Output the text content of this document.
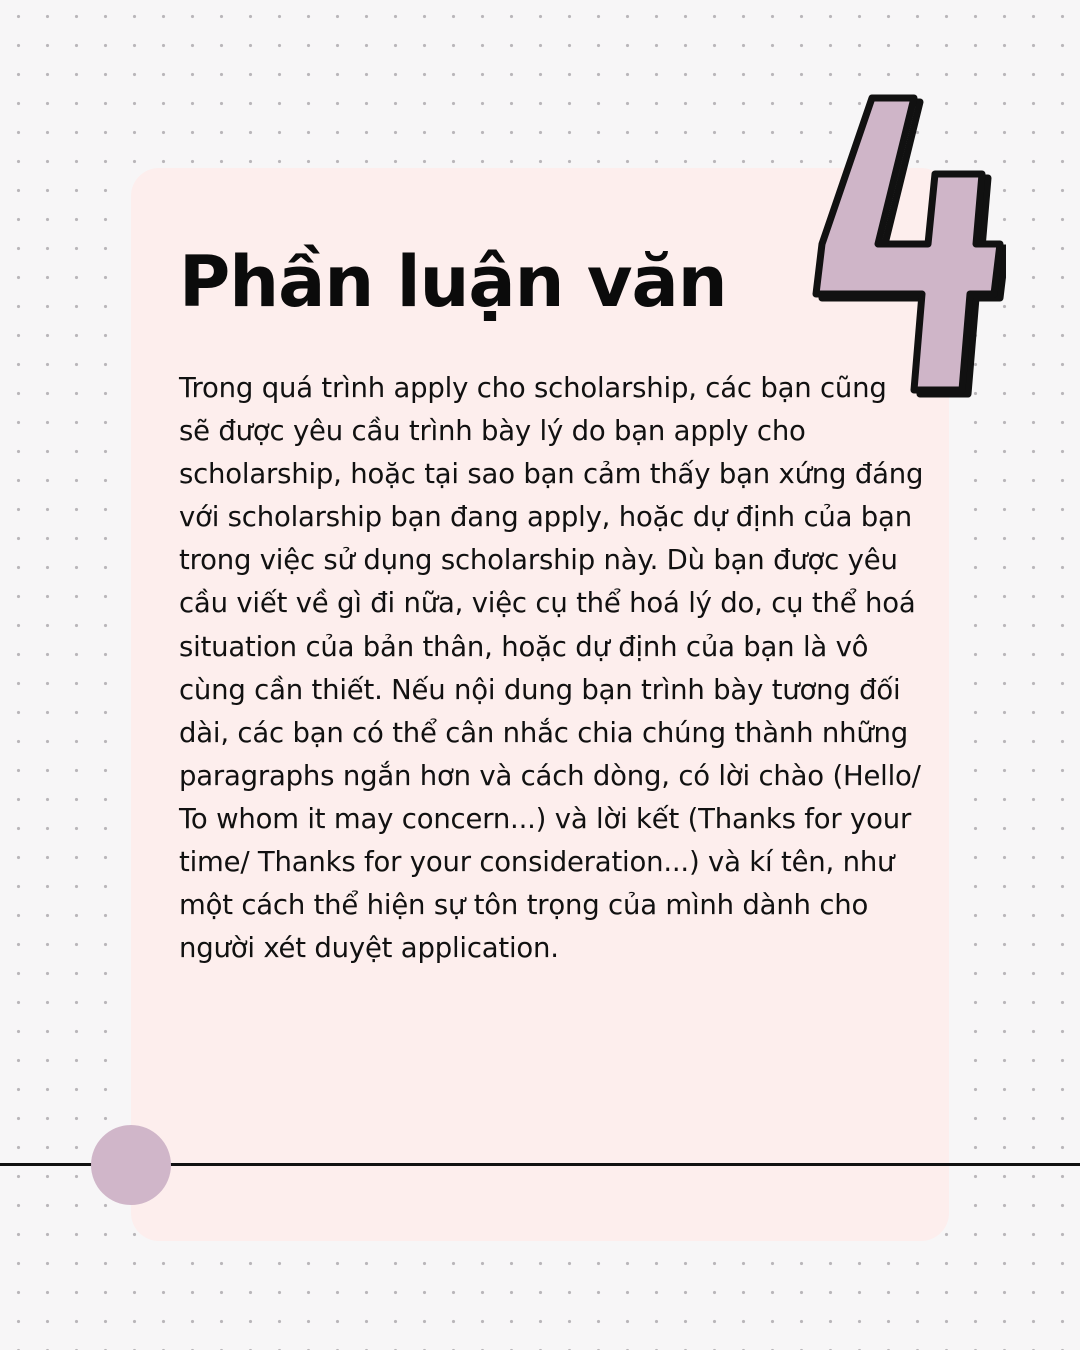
Phần luận văn	4

Trong quá trình apply cho scholarship, các bạn cũng sẽ được yêu cầu trình bày lý do bạn apply cho scholarship, hoặc tại sao bạn cảm thấy bạn xứng đáng với scholarship bạn đang apply, hoặc dự định của bạn trong việc sử dụng scholarship này. Dù bạn được yêu cầu viết về gì đi nữa, việc cụ thể hoá lý do, cụ thể hoá situation của bản thân, hoặc dự định của bạn là vô cùng cần thiết. Nếu nội dung bạn trình bày tương đối dài, các bạn có thể cân nhắc chia chúng thành những paragraphs ngắn hơn và cách dòng, có lời chào (Hello/ To whom it may concern...) và lời kết (Thanks for your time/ Thanks for your consideration...) và kí tên, như một cách thể hiện sự tôn trọng của mình dành cho người xét duyệt application.
